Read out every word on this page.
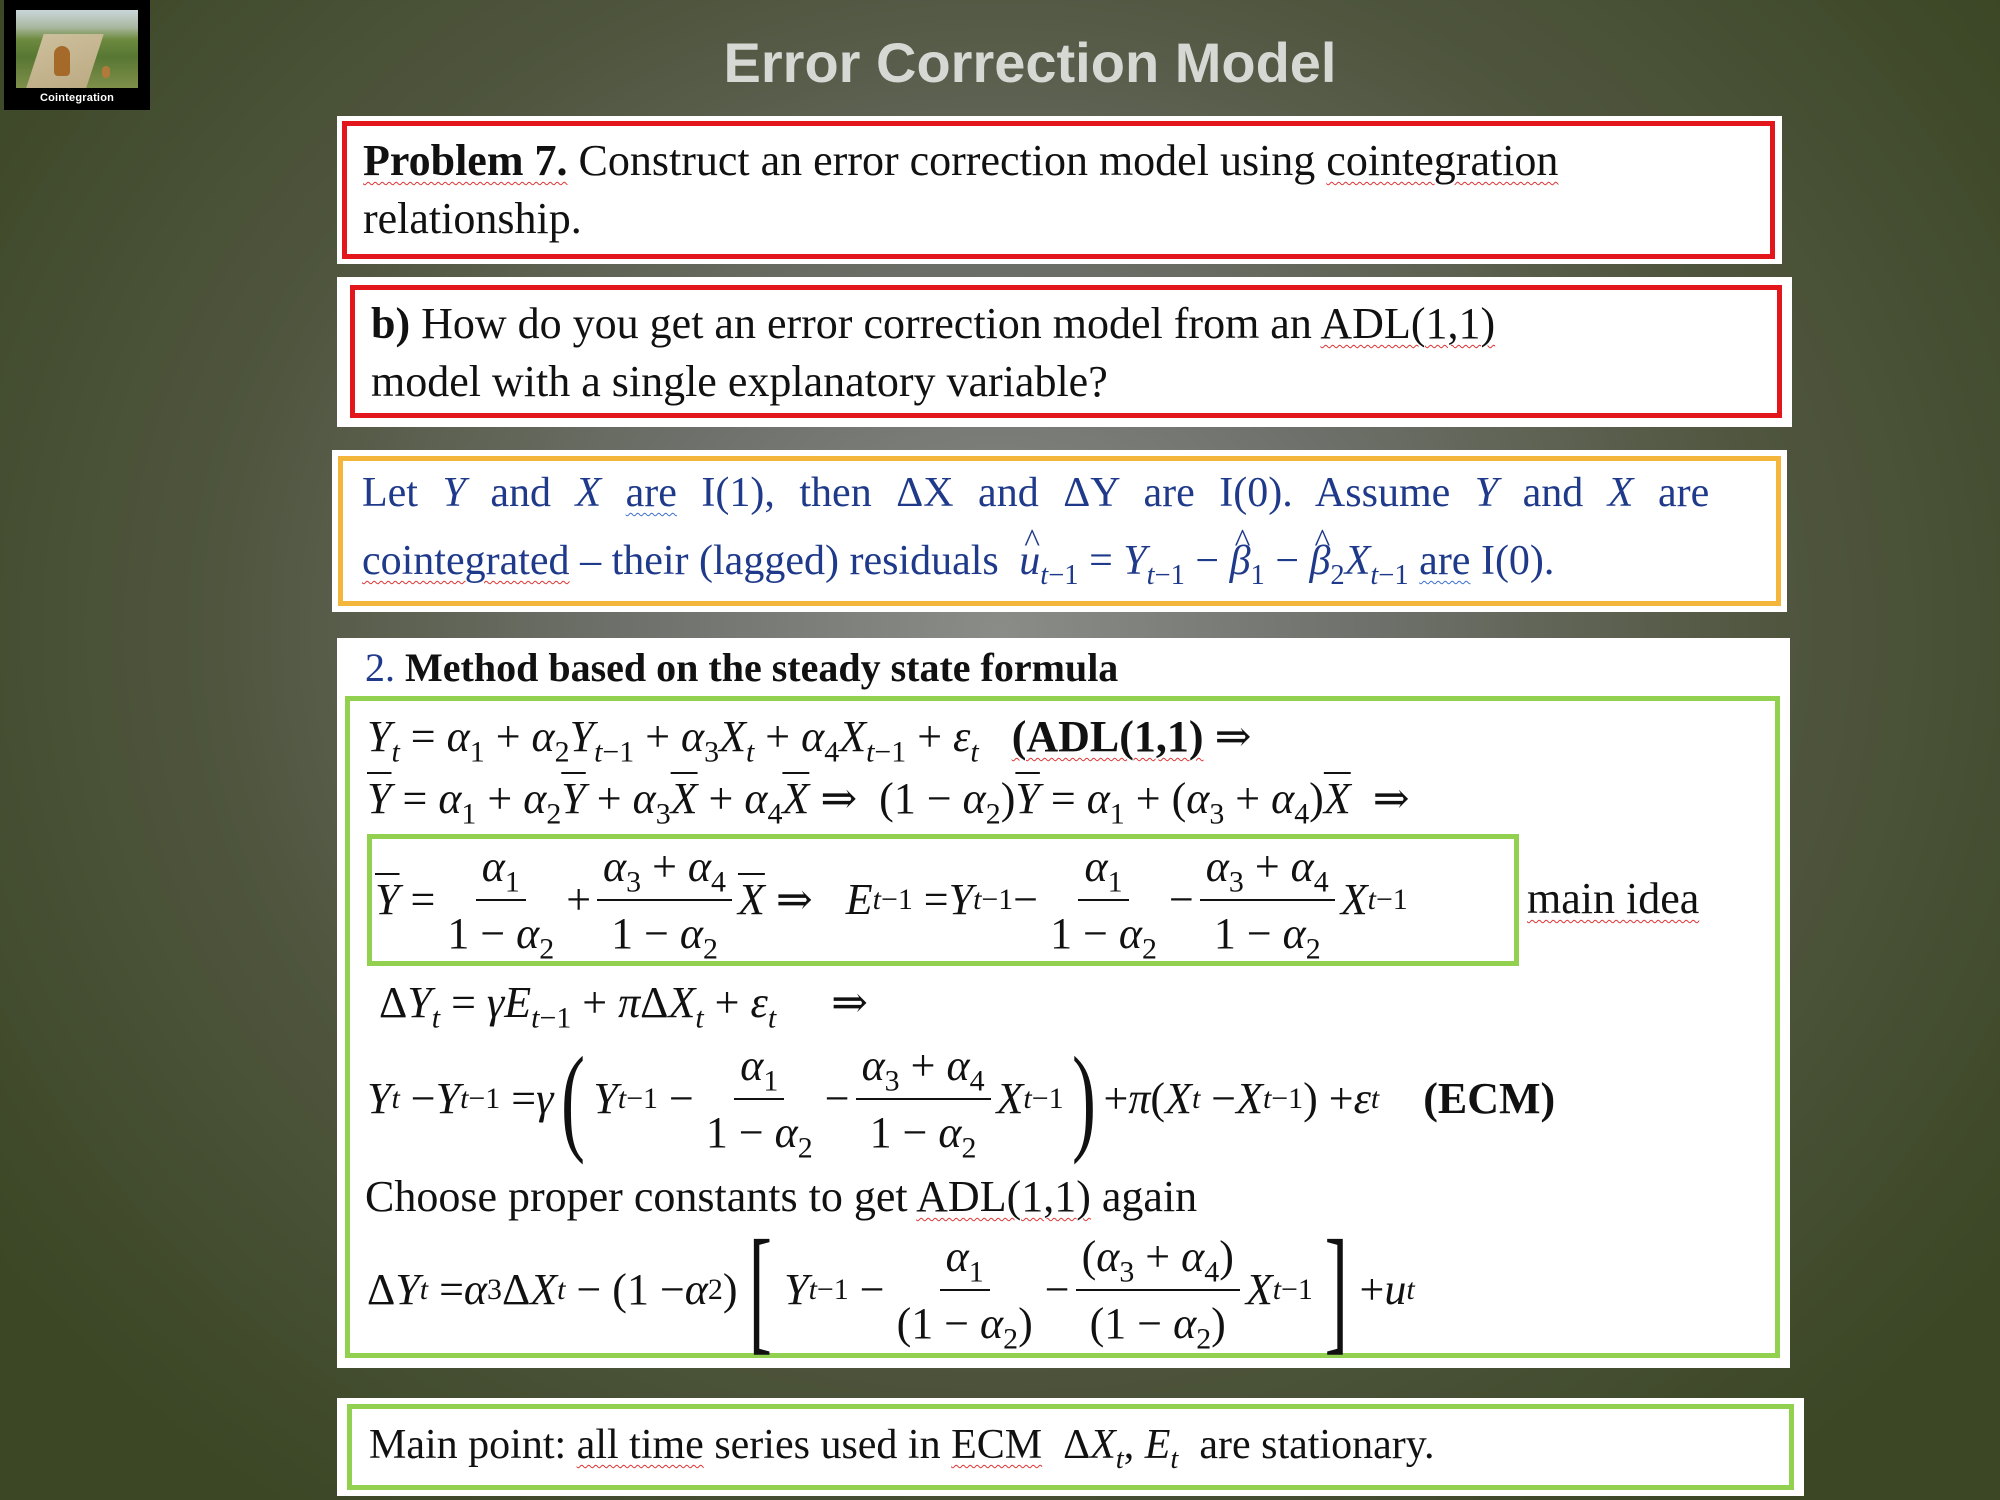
Cointegration
Error Correction Model
Problem 7. Construct an error correction model using cointegration
relationship.
b) How do you get an error correction model from an ADL(1,1)
model with a single explanatory variable?
Let Y and X are I(1), then ΔX and ΔY are I(0). Assume Y and X are
cointegrated – their (lagged) residuals ^ $u_{t-1} = Y_{t-1}$ − ^ $\beta_1$ − ^ $\beta_2X_{t-1}$ are I(0).
2. Method based on the steady state formula
$Y_t = \alpha_1 + \alpha_2Y_{t-1} + \alpha_3X_t + \alpha_4X_{t-1} + \varepsilon_t$ (ADL(1,1) ⇒
$\overline{Y} = \alpha_1 + \alpha_2\overline{Y} + \alpha_3\overline{X} + \alpha_4\overline{X}$ ⇒  $(1 - \alpha_2)\overline{Y} = \alpha_1 + (\alpha_3 + \alpha_4)\overline{X}$  ⇒
$\overline{Y} = \frac{\alpha_1}{1 - \alpha_2} + \frac{\alpha_3 + \alpha_4}{1 - \alpha_2} \overline{X}$ ⇒ E t−1 = Y $t-1 - \frac{\alpha_1}{1 - \alpha_2} - \frac{\alpha_3 + \alpha_4}{1 - \alpha_2}$ X t−1	main idea
$\Delta Y_t = \gamma E_{t-1} + \pi\Delta X_t + \varepsilon_t$     ⇒
Y t − Y t−1 = γ ( Y $t-1 - \frac{\alpha_1}{1 - \alpha_2} - \frac{\alpha_3 + \alpha_4}{1 - \alpha_2}$ X t−1 ) + π ( X t − X t−1 ) + ε t
(ECM)
Choose proper constants to get ADL(1,1) again
Δ Y t = α 3 Δ X t − (1 − α 2 ) [ Y $t-1 - \frac{\alpha_1}{(1 - \alpha_2)} - \frac{(\alpha_3 + \alpha_4)}{(1 - \alpha_2)}$ X t−1 ] + u t
Main point: all time series used in ECM  $\Delta X_t$, $E_t$ are stationary.
